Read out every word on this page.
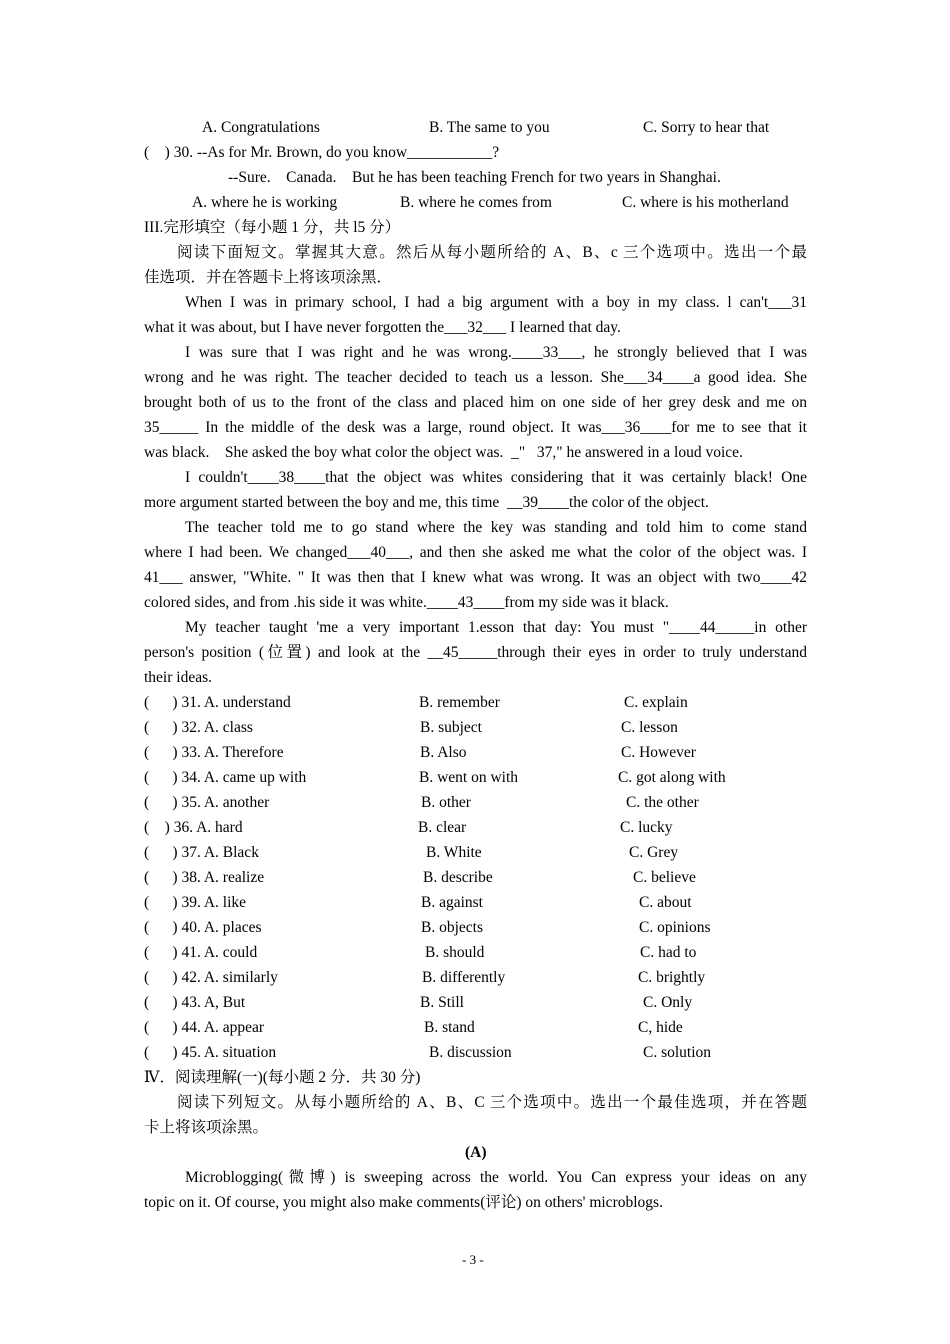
A. Congratulations	B. The same to you	C. Sorry to hear that
(    ) 30. --As for Mr. Brown, do you know___________?
--Sure.    Canada.    But he has been teaching French for two years in Shanghai.
A. where he is working	B. where he comes from	C. where is his motherland
III.完形填空（每小题 1 分，共 l5 分）
阅读下面短文。掌握其大意。然后从每小题所给的 A、B、c 三个选项中。选出一个最
佳选项．并在答题卡上将该项涂黑．
When I was in primary school, I had a big argument with a boy in my class. l can't___31
what it was about, but I have never forgotten the___32___ I learned that day.
I was sure that I was right and he was wrong.____33___, he strongly believed that I was
wrong and he was right. The teacher decided to teach us a lesson. She___34____a good idea. She
brought both of us to the front of the class and placed him on one side of her grey desk and me on
35_____ In the middle of the desk was a large, round object. It was___36____for me to see that it
was black.    She asked the boy what color the object was.  _"   37," he answered in a loud voice.
I couldn't____38____that the object was whites considering that it was certainly black! One
more argument started between the boy and me, this time  __39____the color of the object.
The teacher told me to go stand where the key was standing and told him to come stand
where I had been. We changed___40___, and then she asked me what the color of the object was. I
41___ answer, "White. " It was then that I knew what was wrong. It was an object with two____42
colored sides, and from .his side it was white.____43____from my side was it black.
My teacher taught 'me a very important 1.esson that day: You must "____44_____in other
person's position (位置) and look at the __45_____through their eyes in order to truly understand
their ideas.
(      ) 31. A. understand	B. remember	C. explain
(      ) 32. A. class	B. subject	C. lesson
(      ) 33. A. Therefore	B. Also	C. However
(      ) 34. A. came up with	B. went on with	C. got along with
(      ) 35. A. another	B. other	C. the other
(    ) 36. A. hard	B. clear	C. lucky
(      ) 37. A. Black	B. White	C. Grey
(      ) 38. A. realize	B. describe	C. believe
(      ) 39. A. like	B. against	C. about
(      ) 40. A. places	B. objects	C. opinions
(      ) 41. A. could	B. should	C. had to
(      ) 42. A. similarly	B. differently	C. brightly
(      ) 43. A, But	B. Still	C. Only
(      ) 44. A. appear	B. stand	C, hide
(      ) 45. A. situation	B. discussion	C. solution
Ⅳ．阅读理解(一)(每小题 2 分．共 30 分)
阅读下列短文。从每小题所给的 A、B、C 三个选项中。选出一个最佳选项，并在答题
卡上将该项涂黑。
(A)
Microblogging(微博) is sweeping across the world. You Can express your ideas on any
topic on it. Of course, you might also make comments(评论) on others' microblogs.
- 3 -
